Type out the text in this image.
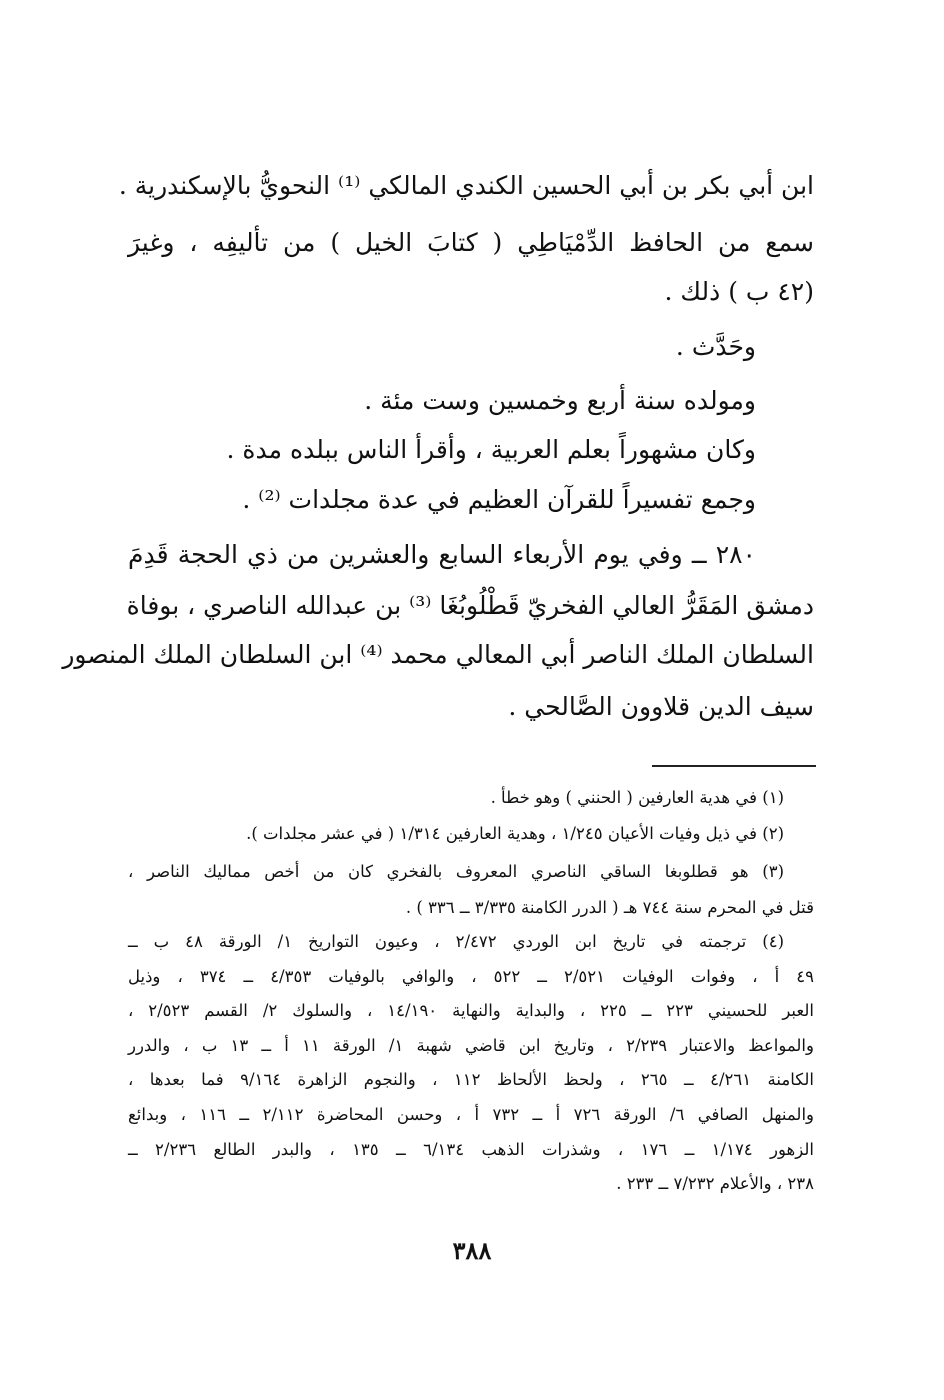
ابن أبي بكر بن أبي الحسين الكندي المالكي ⁽¹⁾ النحويُّ بالإسكندرية .

سمع من الحافظ الدِّمْيَاطِي ( كتابَ الخيل ) من تأليفِه ، وغيرَ

(٤٢ ب ) ذلك .

وحَدَّث .

ومولده سنة أربع وخمسين وست مئة .

وكان مشهوراً بعلم العربية ، وأقرأ الناس ببلده مدة .

وجمع تفسيراً للقرآن العظيم في عدة مجلدات ⁽²⁾ .

٢٨٠ ــ وفي يوم الأربعاء السابع والعشرين من ذي الحجة قَدِمَ

دمشق المَقَرُّ العالي الفخريّ قَطْلُوبُغَا ⁽³⁾ بن عبدالله الناصري ، بوفاة

السلطان الملك الناصر أبي المعالي محمد ⁽⁴⁾ ابن السلطان الملك المنصور

سيف الدين قلاوون الصَّالحي .

(١) في هدية العارفين ( الحنني ) وهو خطأ .

(٢) في ذيل وفيات الأعيان ١/٢٤٥ ، وهدية العارفين ١/٣١٤ ( في عشر مجلدات ).

(٣) هو قطلوبغا الساقي الناصري المعروف بالفخري كان من أخص مماليك الناصر ،

قتل في المحرم سنة ٧٤٤ هـ ( الدرر الكامنة ٣/٣٣٥ ــ ٣٣٦ ) .

(٤) ترجمته في تاريخ ابن الوردي ٢/٤٧٢ ، وعيون التواريخ ١/ الورقة ٤٨ ب ــ

٤٩ أ ، وفوات الوفيات ٢/٥٢١ ــ ٥٢٢ ، والوافي بالوفيات ٤/٣٥٣ ــ ٣٧٤ ، وذيل

العبر للحسيني ٢٢٣ ــ ٢٢٥ ، والبداية والنهاية ١٤/١٩٠ ، والسلوك ٢/ القسم ٢/٥٢٣ ،

والمواعظ والاعتبار ٢/٢٣٩ ، وتاريخ ابن قاضي شهبة ١/ الورقة ١١ أ ــ ١٣ ب ، والدرر

الكامنة ٤/٢٦١ ــ ٢٦٥ ، ولحظ الألحاظ ١١٢ ، والنجوم الزاهرة ٩/١٦٤ فما بعدها ،

والمنهل الصافي ٦/ الورقة ٧٢٦ أ ــ ٧٣٢ أ ، وحسن المحاضرة ٢/١١٢ ــ ١١٦ ، وبدائع

الزهور ١/١٧٤ ــ ١٧٦ ، وشذرات الذهب ٦/١٣٤ ــ ١٣٥ ، والبدر الطالع ٢/٢٣٦ ــ

٢٣٨ ، والأعلام ٧/٢٣٢ ــ ٢٣٣ .

٣٨٨
